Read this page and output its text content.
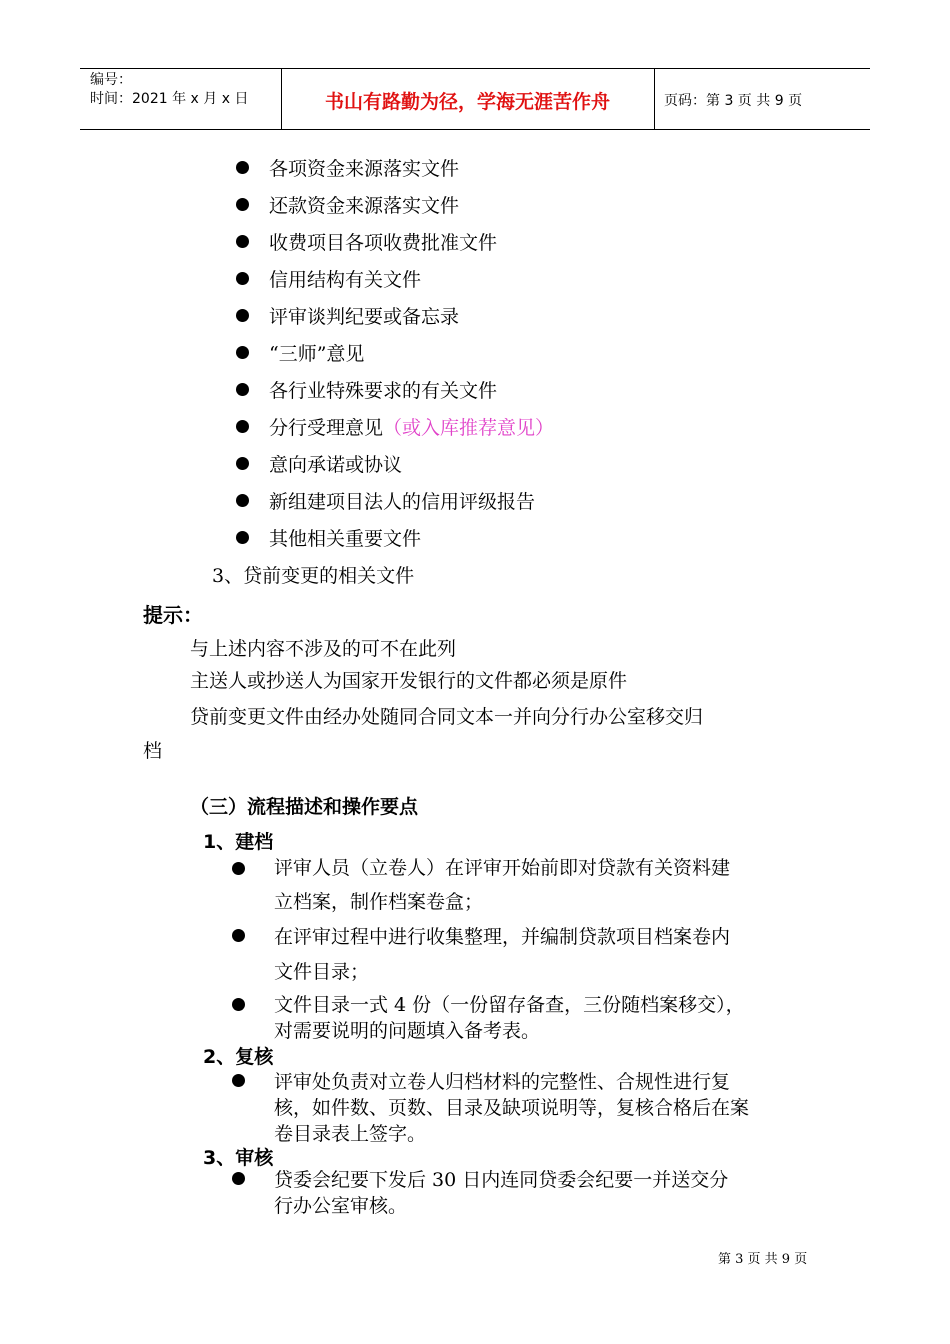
编号：
时间：2021 年 x 月 x 日	书山有路勤为径，学海无涯苦作舟	页码：第 3 页 共 9 页
各项资金来源落实文件
还款资金来源落实文件
收费项目各项收费批准文件
信用结构有关文件
评审谈判纪要或备忘录
“三师”意见
各行业特殊要求的有关文件
分行受理意见（或入库推荐意见）
意向承诺或协议
新组建项目法人的信用评级报告
其他相关重要文件
3、贷前变更的相关文件
提示：
与上述内容不涉及的可不在此列
主送人或抄送人为国家开发银行的文件都必须是原件
贷前变更文件由经办处随同合同文本一并向分行办公室移交归
档
（三）流程描述和操作要点
1、建档
评审人员（立卷人）在评审开始前即对贷款有关资料建
立档案，制作档案卷盒；
在评审过程中进行收集整理，并编制贷款项目档案卷内
文件目录；
文件目录一式 4 份（一份留存备查，三份随档案移交），
对需要说明的问题填入备考表。
2、复核
评审处负责对立卷人归档材料的完整性、合规性进行复
核，如件数、页数、目录及缺项说明等，复核合格后在案
卷目录表上签字。
3、审核
贷委会纪要下发后 30 日内连同贷委会纪要一并送交分
行办公室审核。
第 3 页 共 9 页
